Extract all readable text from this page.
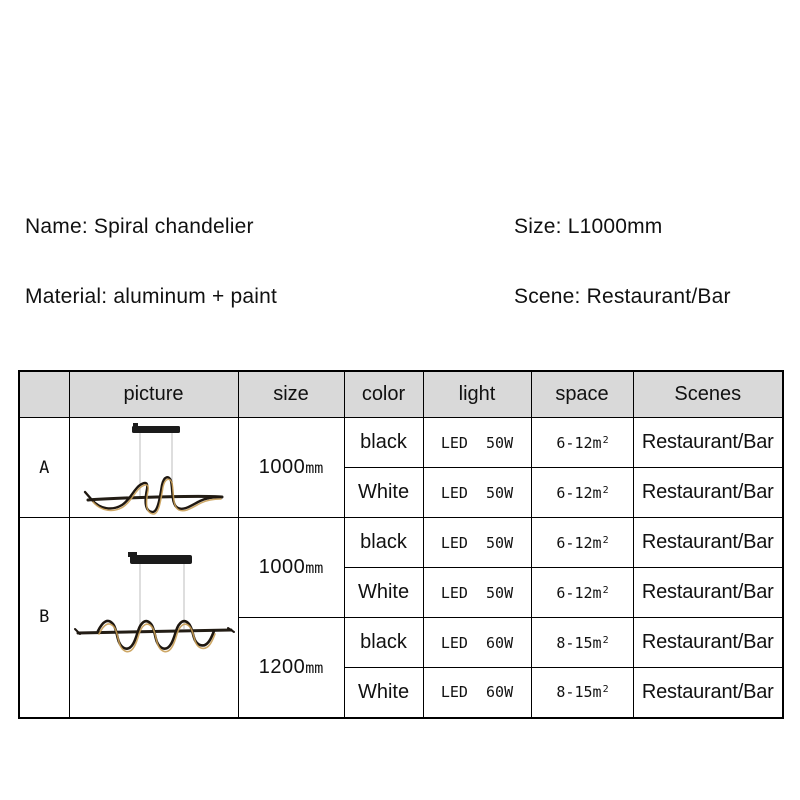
Name: Spiral chandelier	Size: L1000mm
Material: aluminum + paint	Scene: Restaurant/Bar
	picture	size	color	light	space	Scenes
A		1000mm	black	LED  50W	$6-12m^2$	Restaurant/Bar
			White	LED  50W	$6-12m^2$	Restaurant/Bar
B		1000mm	black	LED  50W	$6-12m^2$	Restaurant/Bar
			White	LED  50W	$6-12m^2$	Restaurant/Bar
		1200mm	black	LED  60W	$8-15m^2$	Restaurant/Bar
			White	LED  60W	$8-15m^2$	Restaurant/Bar
